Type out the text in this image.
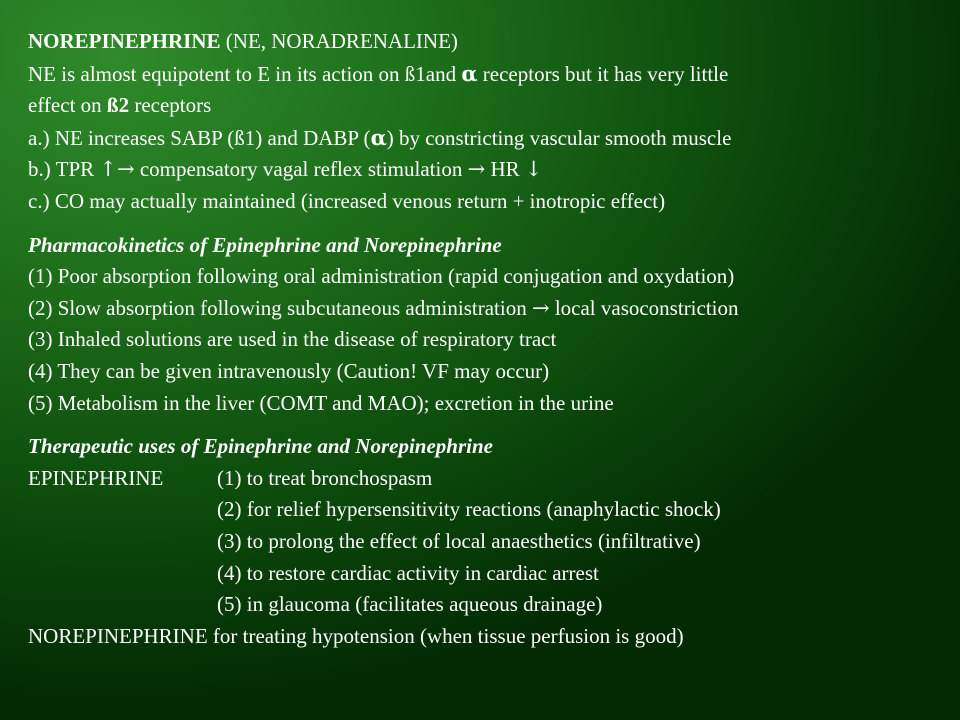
NOREPINEPHRINE (NE, NORADRENALINE)
NE is almost equipotent to E in its action on ß1and α receptors but it has very little
effect on ß2 receptors
a.) NE increases SABP (ß1) and DABP (α) by constricting vascular smooth muscle
b.) TPR ↑→ compensatory vagal reflex stimulation → HR ↓
c.) CO may actually maintained (increased venous return + inotropic effect)
Pharmacokinetics of Epinephrine and Norepinephrine
(1) Poor absorption following oral administration (rapid conjugation and oxydation)
(2) Slow absorption following subcutaneous administration → local vasoconstriction
(3) Inhaled solutions are used in the disease of respiratory tract
(4) They can be given intravenously (Caution! VF may occur)
(5) Metabolism in the liver (COMT and MAO); excretion in the urine
Therapeutic uses of Epinephrine and Norepinephrine
EPINEPHRINE	(1) to treat bronchospasm
(2) for relief hypersensitivity reactions (anaphylactic shock)
(3) to prolong the effect of local anaesthetics (infiltrative)
(4) to restore cardiac activity in cardiac arrest
(5) in glaucoma (facilitates aqueous drainage)
NOREPINEPHRINE for treating hypotension (when tissue perfusion is good)
